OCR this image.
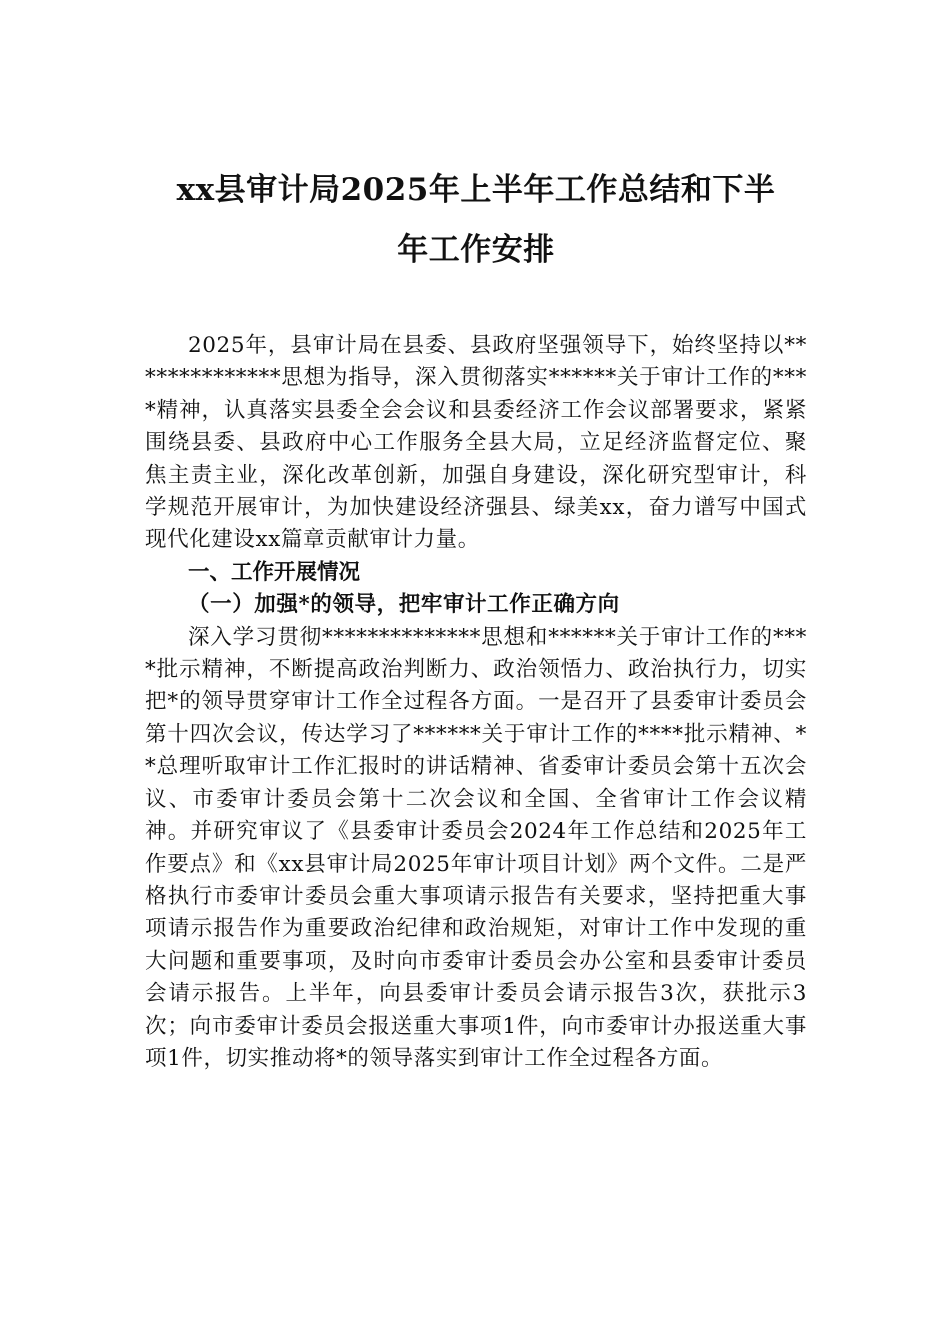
xx县审计局2025年上半年工作总结和下半
年工作安排

2025年，县审计局在县委、县政府坚强领导下，始终坚持以**************思想为指导，深入贯彻落实******关于审计工作的****精神，认真落实县委全会会议和县委经济工作会议部署要求，紧紧围绕县委、县政府中心工作服务全县大局，立足经济监督定位、聚焦主责主业，深化改革创新，加强自身建设，深化研究型审计，科学规范开展审计，为加快建设经济强县、绿美xx，奋力谱写中国式现代化建设xx篇章贡献审计力量。

一、工作开展情况

（一）加强*的领导，把牢审计工作正确方向

深入学习贯彻**************思想和******关于审计工作的****批示精神，不断提高政治判断力、政治领悟力、政治执行力，切实把*的领导贯穿审计工作全过程各方面。一是召开了县委审计委员会第十四次会议，传达学习了******关于审计工作的****批示精神、**总理听取审计工作汇报时的讲话精神、省委审计委员会第十五次会议、市委审计委员会第十二次会议和全国、全省审计工作会议精神。并研究审议了《县委审计委员会2024年工作总结和2025年工作要点》和《xx县审计局2025年审计项目计划》两个文件。二是严格执行市委审计委员会重大事项请示报告有关要求，坚持把重大事项请示报告作为重要政治纪律和政治规矩，对审计工作中发现的重大问题和重要事项，及时向市委审计委员会办公室和县委审计委员会请示报告。上半年，向县委审计委员会请示报告3次，获批示3次；向市委审计委员会报送重大事项1件，向市委审计办报送重大事项1件，切实推动将*的领导落实到审计工作全过程各方面。
